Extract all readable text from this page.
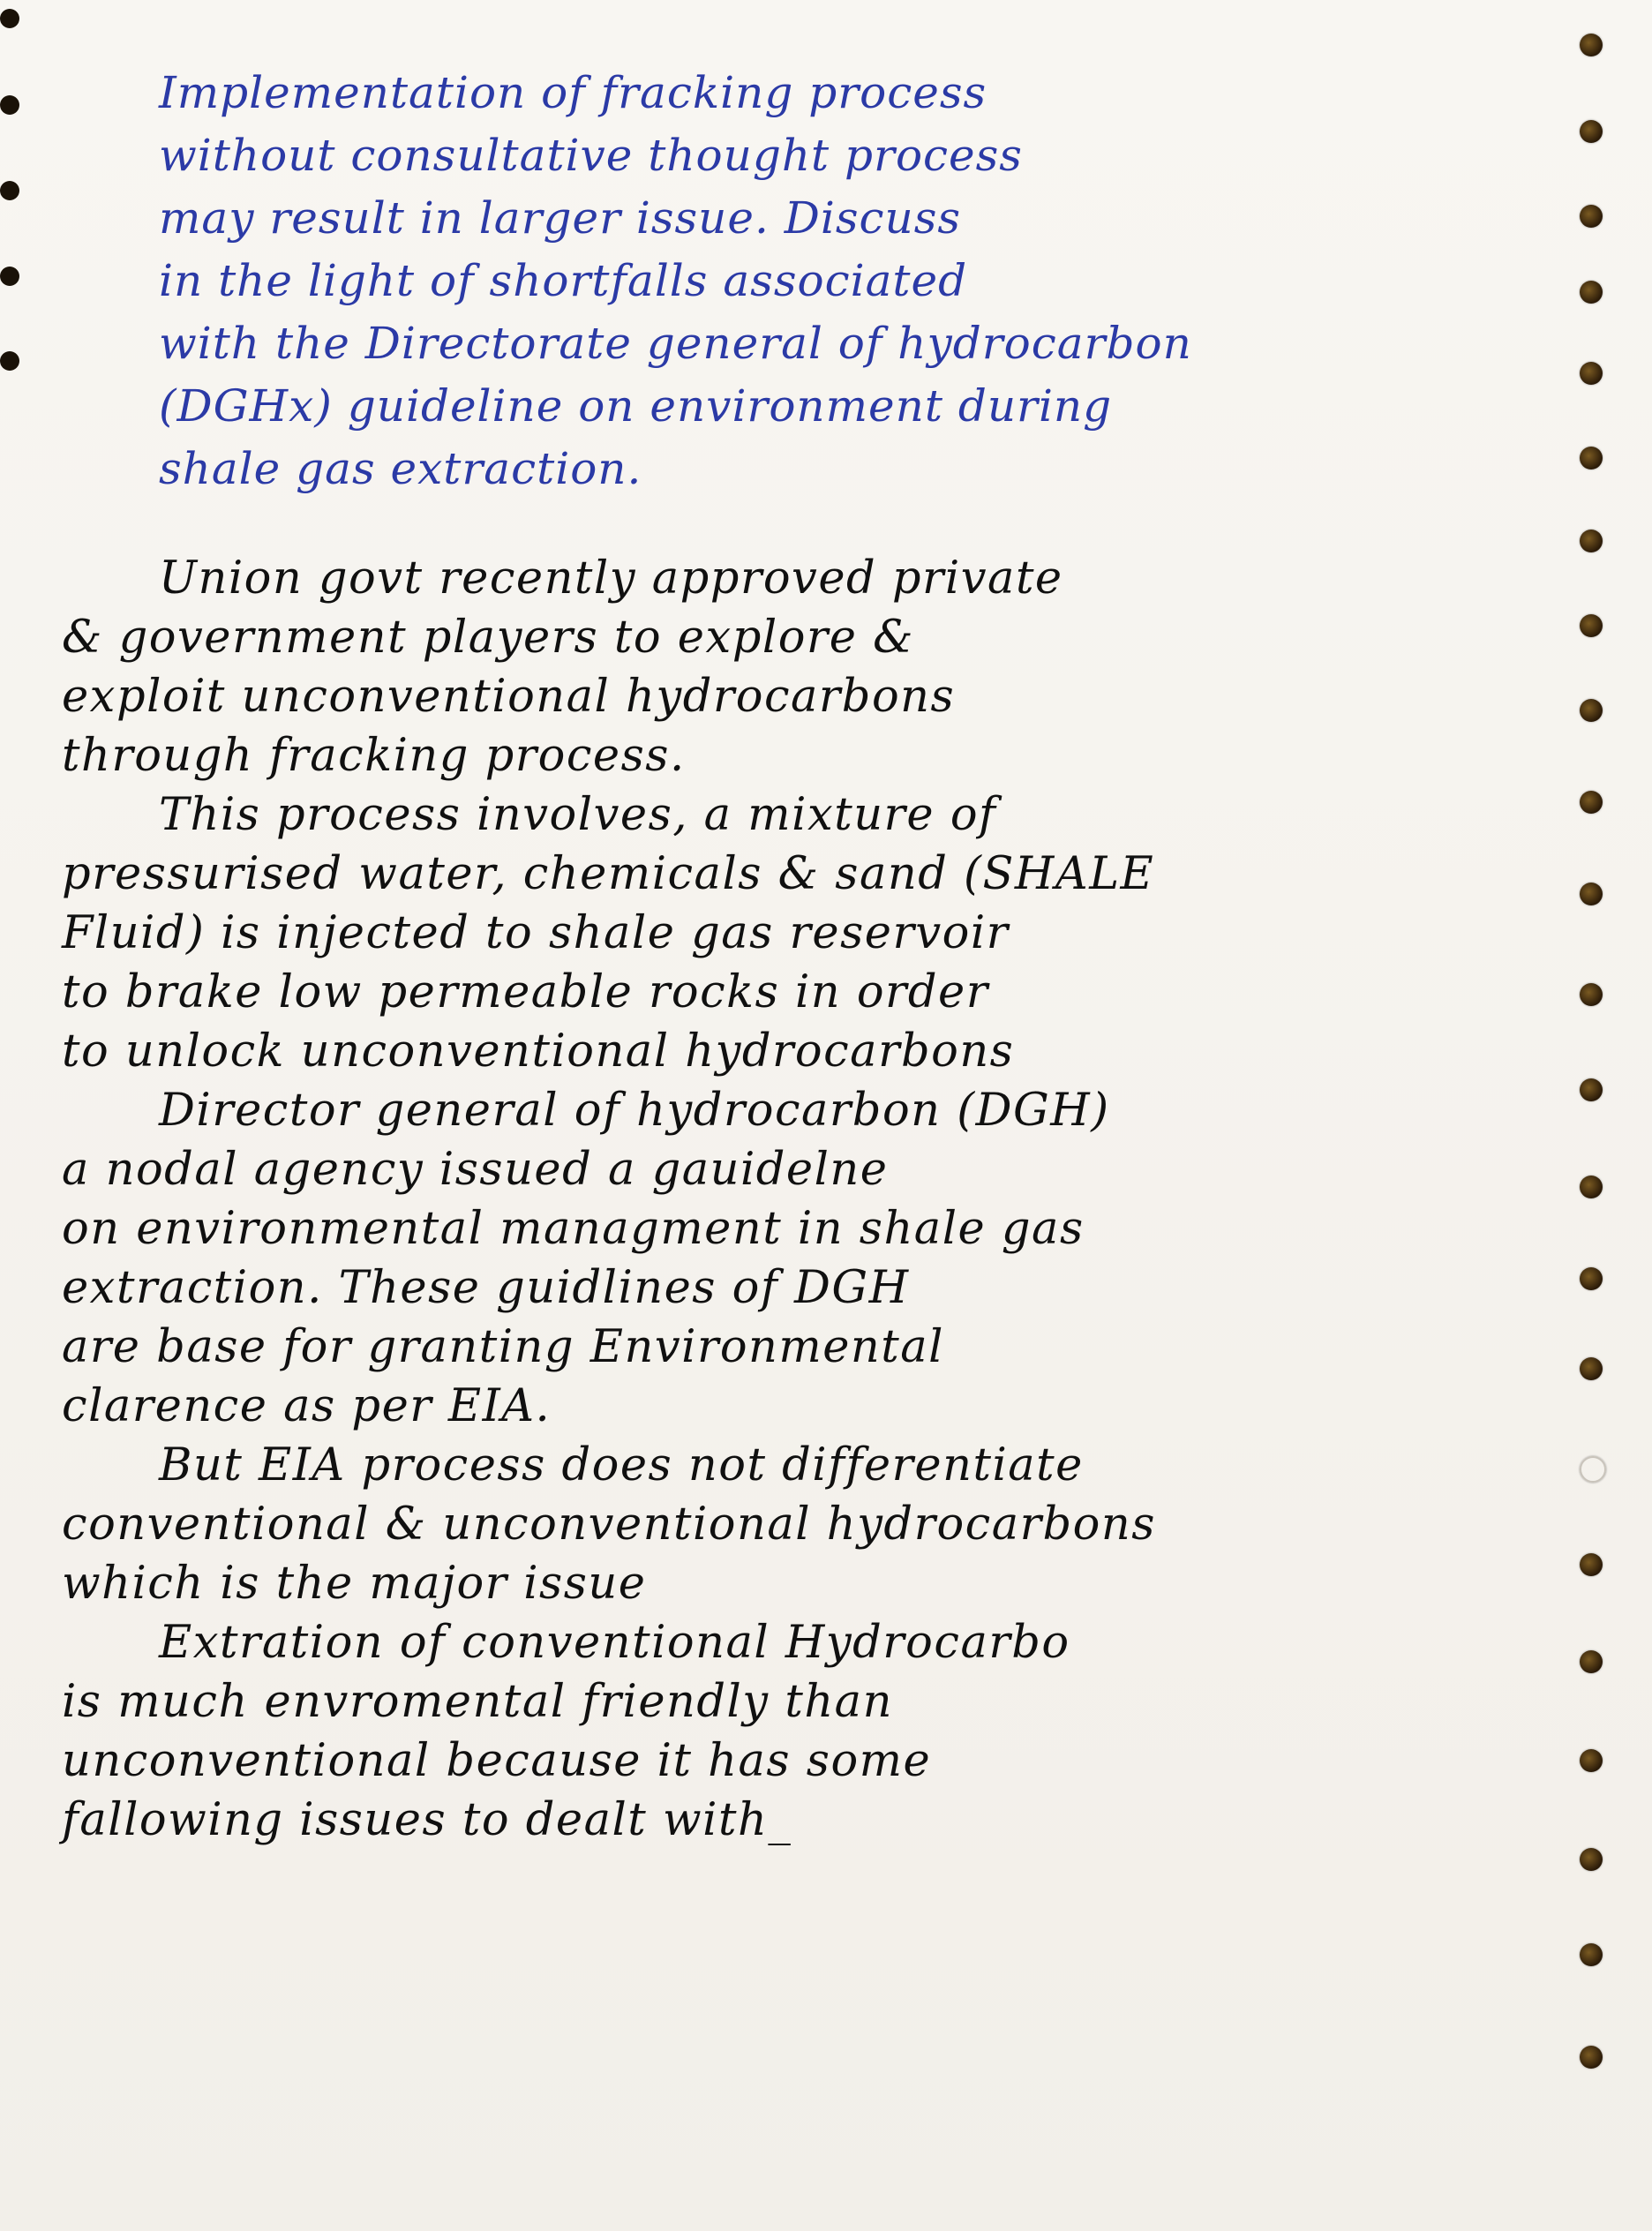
Implementation of fracking process

without consultative thought process

may result in larger issue. Discuss

in the light of shortfalls associated

with the Directorate general of hydrocarbon

(DGHx) guideline on environment during

shale gas extraction.

Union govt recently approved private

& government players to explore &

exploit unconventional hydrocarbons

through fracking process.

This process involves, a mixture of

pressurised water, chemicals & sand (SHALE

Fluid) is injected to shale gas reservoir

to brake low permeable rocks in order

to unlock unconventional hydrocarbons

Director general of hydrocarbon (DGH)

a nodal agency issued a gauidelne

on environmental managment in shale gas

extraction. These guidlines of DGH

are base for granting Environmental

clarence as per EIA.

But EIA process does not differentiate

conventional & unconventional hydrocarbons

which is the major issue

Extration of conventional Hydrocarbo

is much envromental friendly than

unconventional because it has some

fallowing issues to dealt with_
